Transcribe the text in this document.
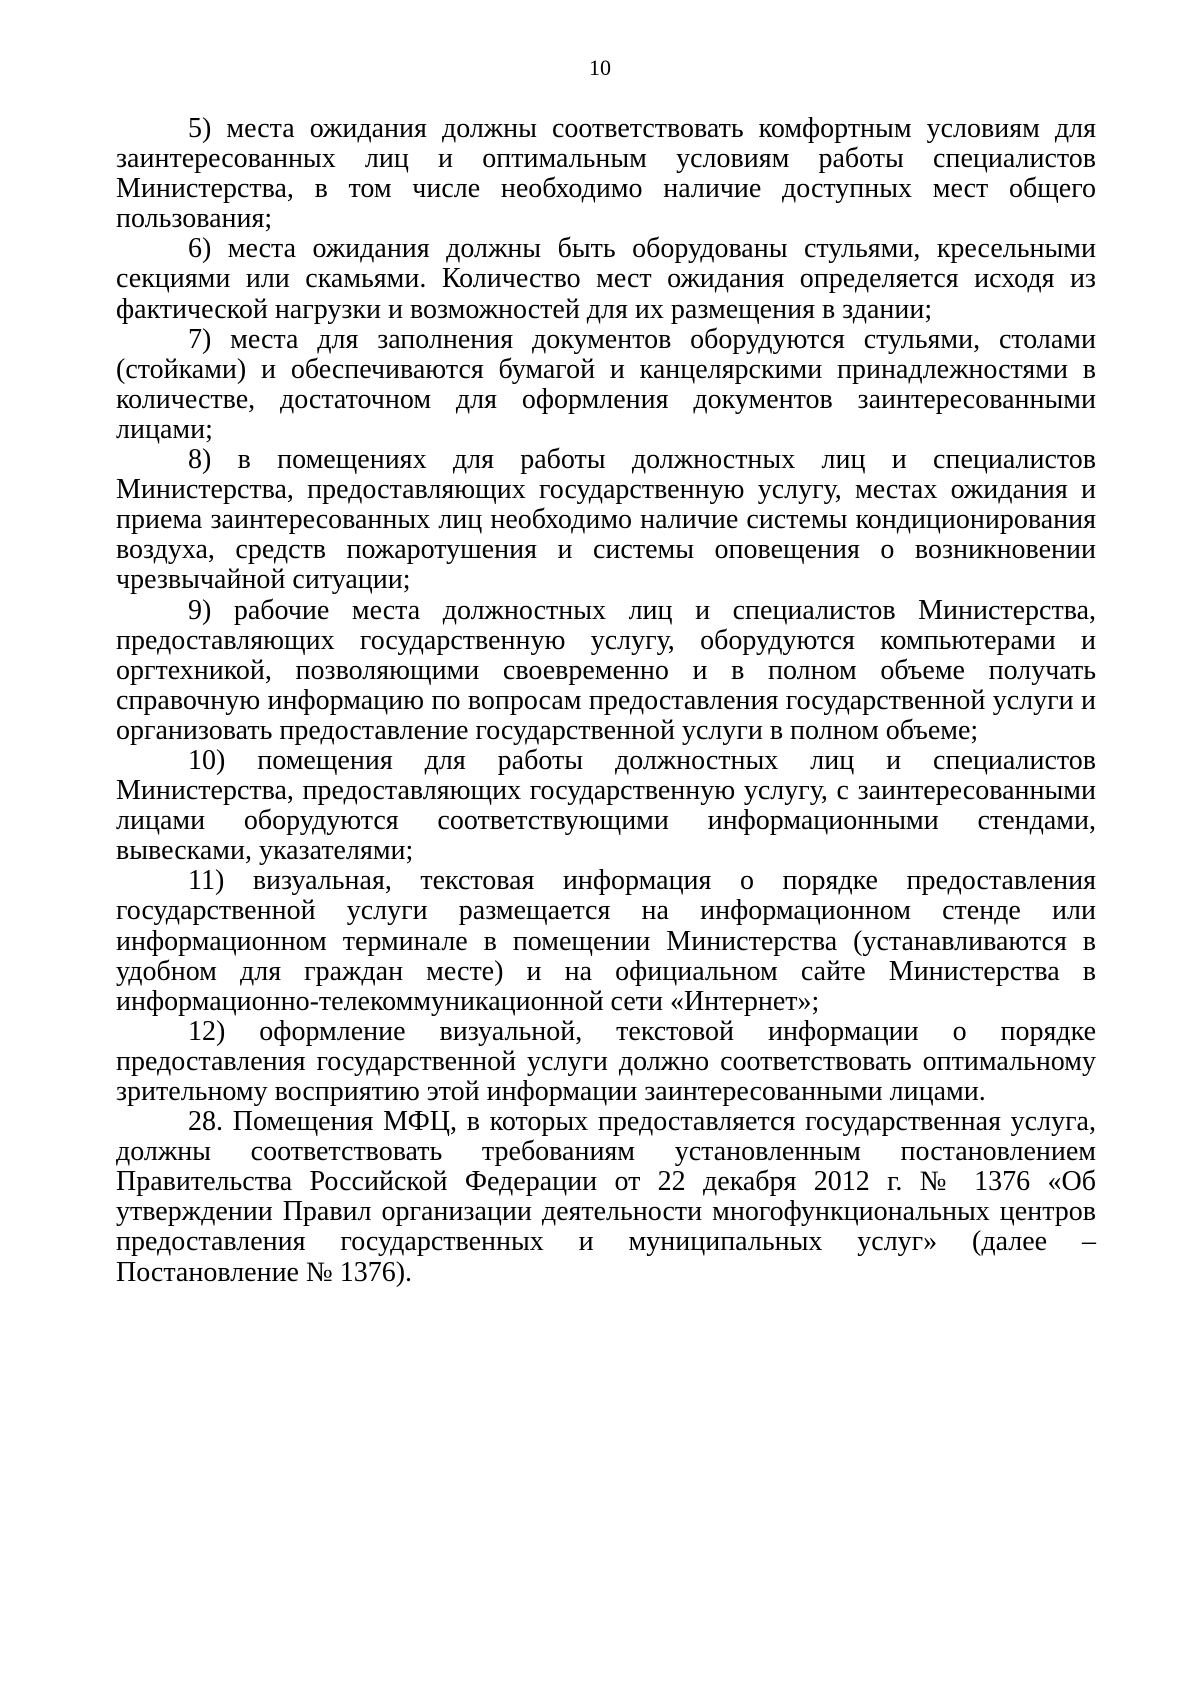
10

5) места ожидания должны соответствовать комфортным условиям для заинтересованных лиц и оптимальным условиям работы специалистов Министерства, в том числе необходимо наличие доступных мест общего пользования;

6) места ожидания должны быть оборудованы стульями, кресельными секциями или скамьями. Количество мест ожидания определяется исходя из фактической нагрузки и возможностей для их размещения в здании;

7) места для заполнения документов оборудуются стульями, столами (стойками) и обеспечиваются бумагой и канцелярскими принадлежностями в количестве, достаточном для оформления документов заинтересованными лицами;

8) в помещениях для работы должностных лиц и специалистов Министерства, предоставляющих государственную услугу, местах ожидания и приема заинтересованных лиц необходимо наличие системы кондиционирования воздуха, средств пожаротушения и системы оповещения о возникновении чрезвычайной ситуации;

9) рабочие места должностных лиц и специалистов Министерства, предоставляющих государственную услугу, оборудуются компьютерами и оргтехникой, позволяющими своевременно и в полном объеме получать справочную информацию по вопросам предоставления государственной услуги и организовать предоставление государственной услуги в полном объеме;

10) помещения для работы должностных лиц и специалистов Министерства, предоставляющих государственную услугу, с заинтересованными лицами оборудуются соответствующими информационными стендами, вывесками, указателями;

11) визуальная, текстовая информация о порядке предоставления государственной услуги размещается на информационном стенде или информационном терминале в помещении Министерства (устанавливаются в удобном для граждан месте) и на официальном сайте Министерства в информационно-телекоммуникационной сети «Интернет»;

12) оформление визуальной, текстовой информации о порядке предоставления государственной услуги должно соответствовать оптимальному зрительному восприятию этой информации заинтересованными лицами.

28. Помещения МФЦ, в которых предоставляется государственная услуга, должны соответствовать требованиям установленным постановлением Правительства Российской Федерации от 22 декабря 2012 г. № 1376 «Об утверждении Правил организации деятельности многофункциональных центров предоставления государственных и муниципальных услуг» (далее – Постановление № 1376).
